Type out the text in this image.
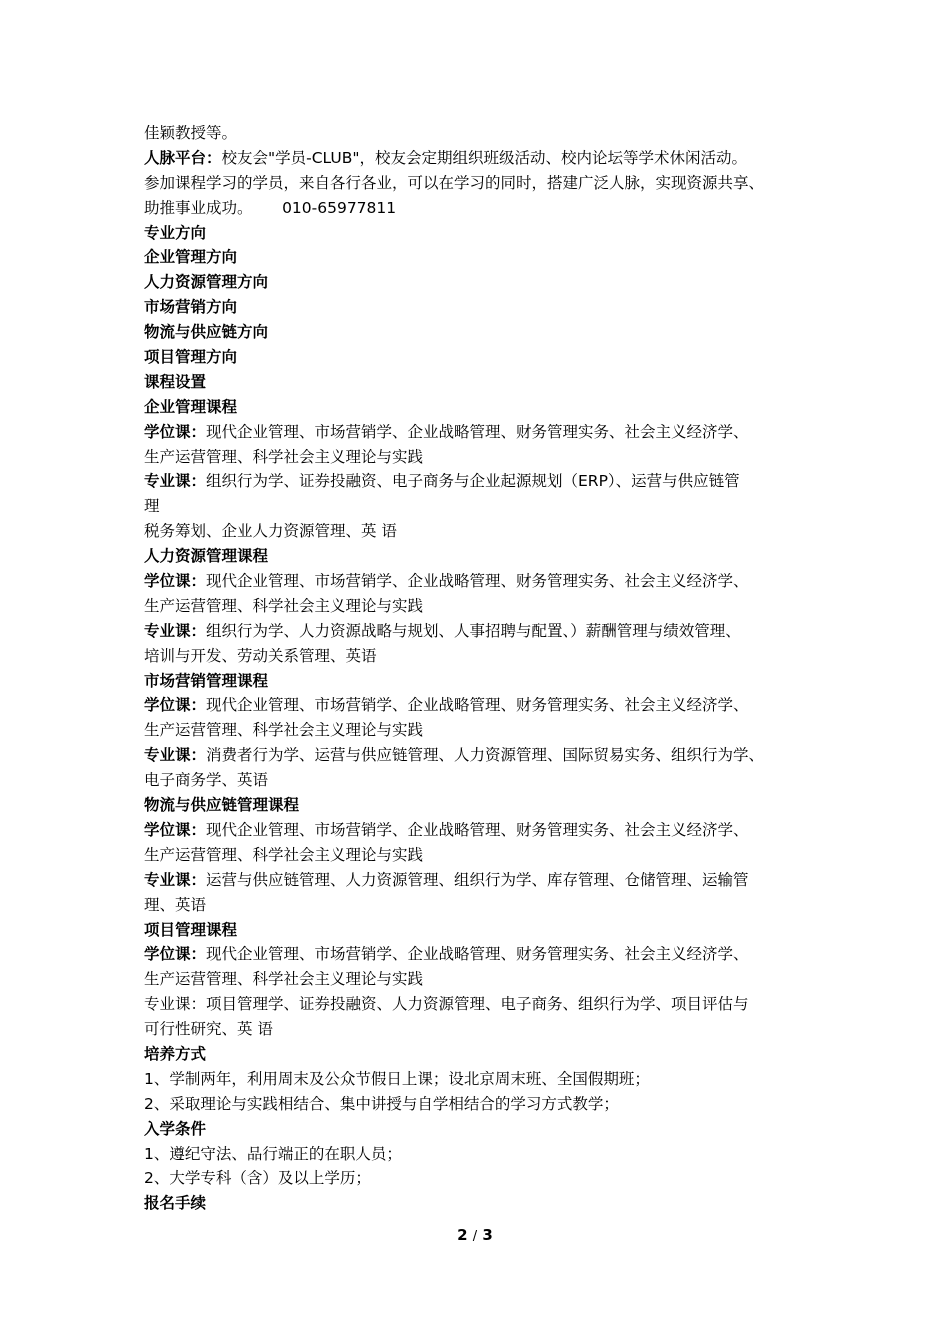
佳颖教授等。
人脉平台：校友会"学员-CLUB"，校友会定期组织班级活动、校内论坛等学术休闲活动。
参加课程学习的学员，来自各行各业，可以在学习的同时，搭建广泛人脉，实现资源共享、
助推事业成功。      010-65977811
专业方向
企业管理方向
人力资源管理方向
市场营销方向
物流与供应链方向
项目管理方向
课程设置
企业管理课程
学位课：现代企业管理、市场营销学、企业战略管理、财务管理实务、社会主义经济学、
生产运营管理、科学社会主义理论与实践
专业课：组织行为学、证券投融资、电子商务与企业起源规划（ERP）、运营与供应链管
理
税务筹划、企业人力资源管理、英 语
人力资源管理课程
学位课：现代企业管理、市场营销学、企业战略管理、财务管理实务、社会主义经济学、
生产运营管理、科学社会主义理论与实践
专业课：组织行为学、人力资源战略与规划、人事招聘与配置、）薪酬管理与绩效管理、
培训与开发、劳动关系管理、英语
市场营销管理课程
学位课：现代企业管理、市场营销学、企业战略管理、财务管理实务、社会主义经济学、
生产运营管理、科学社会主义理论与实践
专业课：消费者行为学、运营与供应链管理、人力资源管理、国际贸易实务、组织行为学、
电子商务学、英语
物流与供应链管理课程
学位课：现代企业管理、市场营销学、企业战略管理、财务管理实务、社会主义经济学、
生产运营管理、科学社会主义理论与实践
专业课：运营与供应链管理、人力资源管理、组织行为学、库存管理、仓储管理、运输管
理、英语
项目管理课程
学位课：现代企业管理、市场营销学、企业战略管理、财务管理实务、社会主义经济学、
生产运营管理、科学社会主义理论与实践
专业课：项目管理学、证券投融资、人力资源管理、电子商务、组织行为学、项目评估与
可行性研究、英 语
培养方式
1、学制两年，利用周末及公众节假日上课；设北京周末班、全国假期班；
2、采取理论与实践相结合、集中讲授与自学相结合的学习方式教学；
入学条件
1、遵纪守法、品行端正的在职人员；
2、大学专科（含）及以上学历；
报名手续
2 / 3
